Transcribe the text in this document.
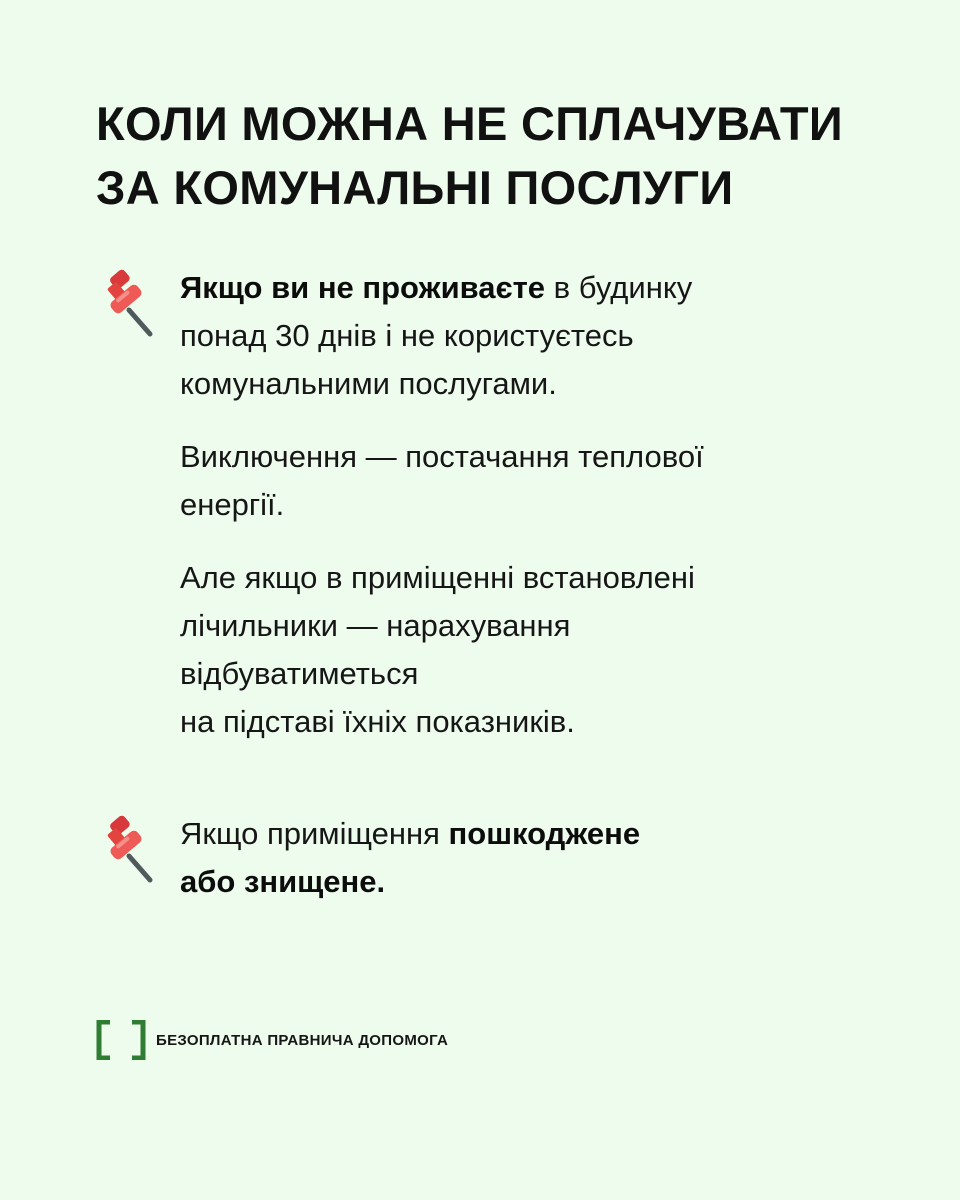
КОЛИ МОЖНА НЕ СПЛАЧУВАТИ
ЗА КОМУНАЛЬНІ ПОСЛУГИ

Якщо ви не проживаєте в будинку
понад 30 днів і не користуєтесь
комунальними послугами.

Виключення — постачання теплової
енергії.

Але якщо в приміщенні встановлені
лічильники — нарахування
відбуватиметься
на підставі їхніх показників.

Якщо приміщення пошкоджене
або знищене.

БЕЗОПЛАТНА ПРАВНИЧА ДОПОМОГА
